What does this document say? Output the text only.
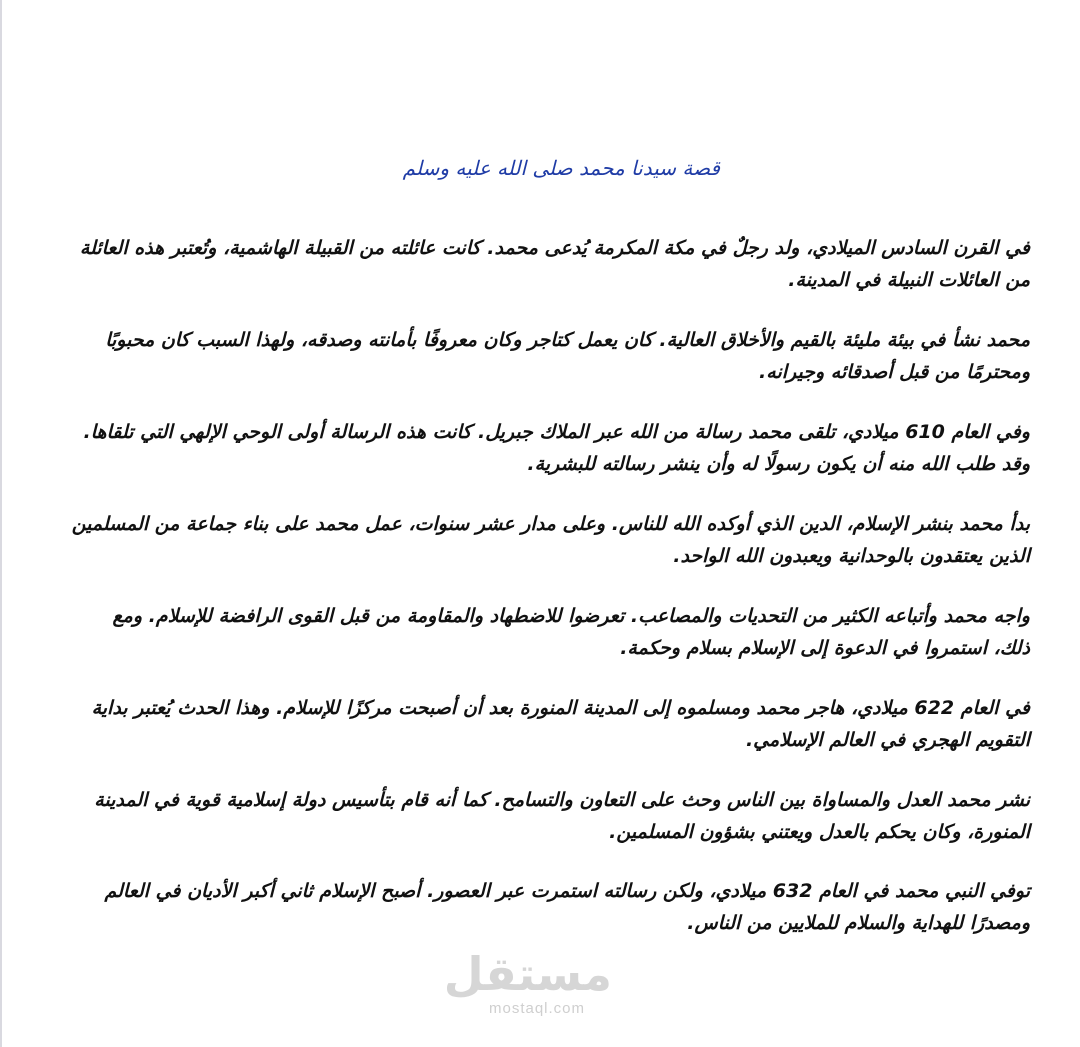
قصة سيدنا محمد صلى الله عليه وسلم

في القرن السادس الميلادي، ولد رجلٌ في مكة المكرمة يُدعى محمد. كانت عائلته من القبيلة الهاشمية، وتُعتبر هذه العائلة من العائلات النبيلة في المدينة.

محمد نشأ في بيئة مليئة بالقيم والأخلاق العالية. كان يعمل كتاجر وكان معروفًا بأمانته وصدقه، ولهذا السبب كان محبوبًا ومحترمًا من قبل أصدقائه وجيرانه.

وفي العام 610 ميلادي، تلقى محمد رسالة من الله عبر الملاك جبريل. كانت هذه الرسالة أولى الوحي الإلهي التي تلقاها. وقد طلب الله منه أن يكون رسولًا له وأن ينشر رسالته للبشرية.

بدأ محمد بنشر الإسلام، الدين الذي أوكده الله للناس. وعلى مدار عشر سنوات، عمل محمد على بناء جماعة من المسلمين الذين يعتقدون بالوحدانية ويعبدون الله الواحد.

واجه محمد وأتباعه الكثير من التحديات والمصاعب. تعرضوا للاضطهاد والمقاومة من قبل القوى الرافضة للإسلام. ومع ذلك، استمروا في الدعوة إلى الإسلام بسلام وحكمة.

في العام 622 ميلادي، هاجر محمد ومسلموه إلى المدينة المنورة بعد أن أصبحت مركزًا للإسلام. وهذا الحدث يُعتبر بداية التقويم الهجري في العالم الإسلامي.

نشر محمد العدل والمساواة بين الناس وحث على التعاون والتسامح. كما أنه قام بتأسيس دولة إسلامية قوية في المدينة المنورة، وكان يحكم بالعدل ويعتني بشؤون المسلمين.

توفي النبي محمد في العام 632 ميلادي، ولكن رسالته استمرت عبر العصور. أصبح الإسلام ثاني أكبر الأديان في العالم ومصدرًا للهداية والسلام للملايين من الناس.

مستقل
mostaql.com
